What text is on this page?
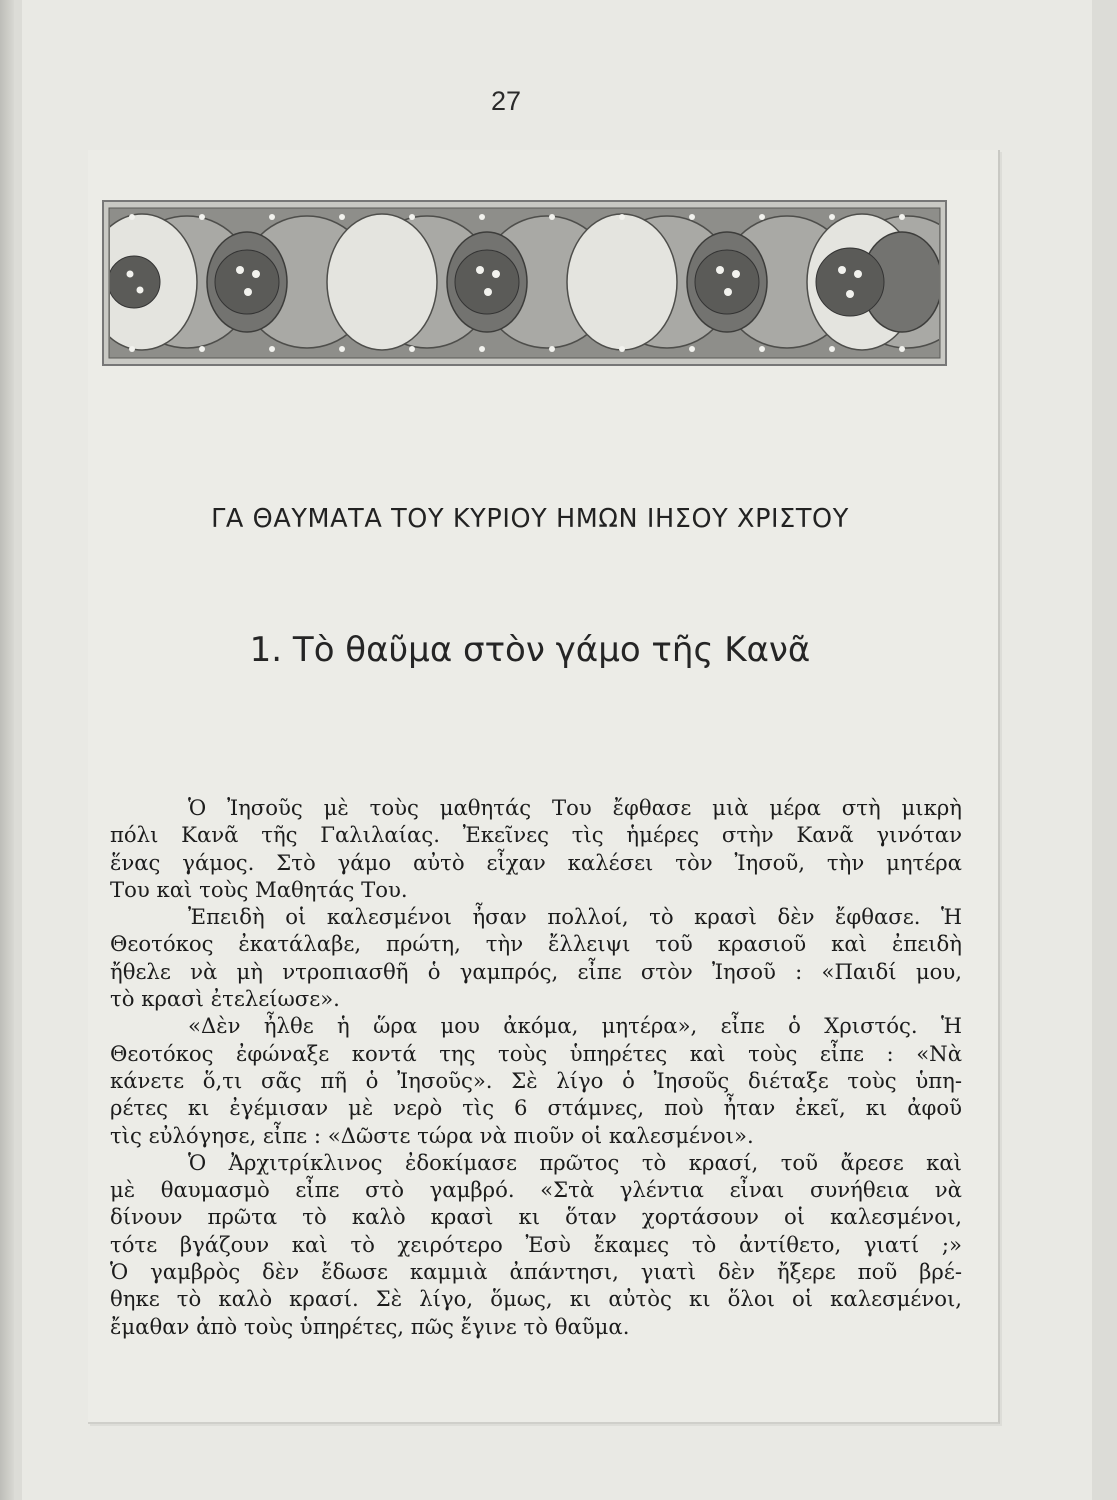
27
ΓΑ ΘΑΥΜΑΤΑ ΤΟΥ ΚΥΡΙΟΥ ΗΜΩΝ ΙΗΣΟΥ ΧΡΙΣΤΟΥ
1. Τὸ θαῦμα στὸν γάμο τῆς Κανᾶ
Ὁ Ἰησοῦς μὲ τοὺς μαθητάς Του ἔφθασε μιὰ μέρα στὴ μικρὴ
πόλι Κανᾶ τῆς Γαλιλαίας. Ἐκεῖνες τὶς ἡμέρες στὴν Κανᾶ γινόταν
ἕνας γάμος. Στὸ γάμο αὐτὸ εἶχαν καλέσει τὸν Ἰησοῦ, τὴν μητέρα
Του καὶ τοὺς Μαθητάς Του.
Ἐπειδὴ οἱ καλεσμένοι ἦσαν πολλοί, τὸ κρασὶ δὲν ἔφθασε. Ἡ
Θεοτόκος ἐκατάλαβε, πρώτη, τὴν ἔλλειψι τοῦ κρασιοῦ καὶ ἐπειδὴ
ἤθελε νὰ μὴ ντροπιασθῆ ὁ γαμπρός, εἶπε στὸν Ἰησοῦ : «Παιδί μου,
τὸ κρασὶ ἐτελείωσε».
«Δὲν ἦλθε ἡ ὥρα μου ἀκόμα, μητέρα», εἶπε ὁ Χριστός. Ἡ
Θεοτόκος ἐφώναξε κοντά της τοὺς ὑπηρέτες καὶ τοὺς εἶπε : «Νὰ
κάνετε ὅ,τι σᾶς πῆ ὁ Ἰησοῦς». Σὲ λίγο ὁ Ἰησοῦς διέταξε τοὺς ὑπη-
ρέτες κι ἐγέμισαν μὲ νερὸ τὶς 6 στάμνες, ποὺ ἦταν ἐκεῖ, κι ἀφοῦ
τὶς εὐλόγησε, εἶπε : «Δῶστε τώρα νὰ πιοῦν οἱ καλεσμένοι».
Ὁ Ἀρχιτρίκλινος ἐδοκίμασε πρῶτος τὸ κρασί, τοῦ ἄρεσε καὶ
μὲ θαυμασμὸ εἶπε στὸ γαμβρό. «Στὰ γλέντια εἶναι συνήθεια νὰ
δίνουν πρῶτα τὸ καλὸ κρασὶ κι ὅταν χορτάσουν οἱ καλεσμένοι,
τότε βγάζουν καὶ τὸ χειρότερο Ἐσὺ ἔκαμες τὸ ἀντίθετο, γιατί ;»
Ὁ γαμβρὸς δὲν ἔδωσε καμμιὰ ἀπάντησι, γιατὶ δὲν ἤξερε ποῦ βρέ-
θηκε τὸ καλὸ κρασί. Σὲ λίγο, ὅμως, κι αὐτὸς κι ὅλοι οἱ καλεσμένοι,
ἔμαθαν ἀπὸ τοὺς ὑπηρέτες, πῶς ἔγινε τὸ θαῦμα.
